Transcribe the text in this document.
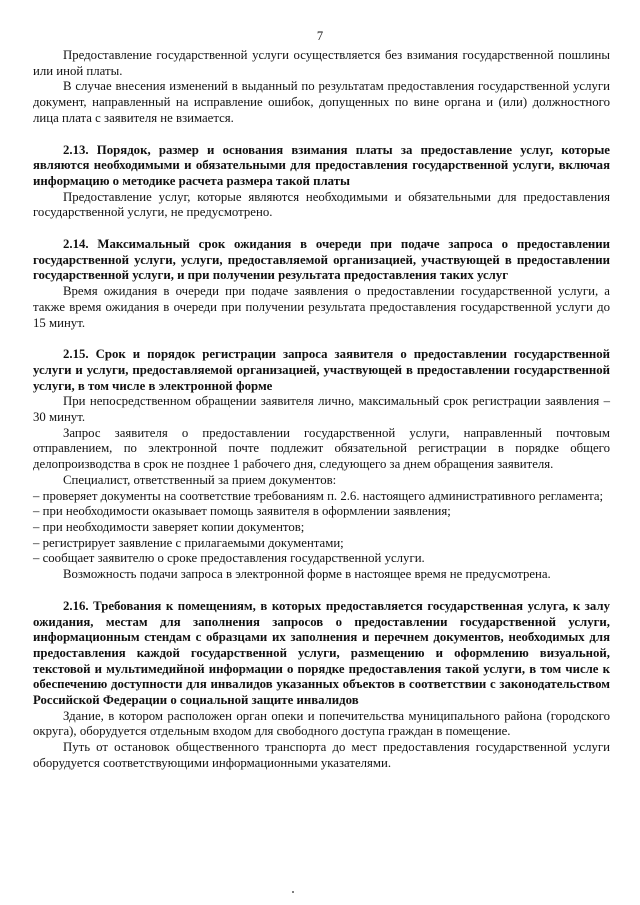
7

Предоставление государственной услуги осуществляется без взимания государственной пошлины или иной платы.

В случае внесения изменений в выданный по результатам предоставления государственной услуги документ, направленный на исправление ошибок, допущенных по вине органа и (или) должностного лица плата с заявителя не взимается.

2.13. Порядок, размер и основания взимания платы за предоставление услуг, которые являются необходимыми и обязательными для предоставления государственной услуги, включая информацию о методике расчета размера такой платы

Предоставление услуг, которые являются необходимыми и обязательными для предоставления государственной услуги, не предусмотрено.

2.14. Максимальный срок ожидания в очереди при подаче запроса о предоставлении государственной услуги, услуги, предоставляемой организацией, участвующей в предоставлении государственной услуги, и при получении результата предоставления таких услуг

Время ожидания в очереди при подаче заявления о предоставлении государственной услуги, а также время ожидания в очереди при получении результата предоставления государственной услуги до 15 минут.

2.15. Срок и порядок регистрации запроса заявителя о предоставлении государственной услуги и услуги, предоставляемой организацией, участвующей в предоставлении государственной услуги, в том числе в электронной форме

При непосредственном обращении заявителя лично, максимальный срок регистрации заявления – 30 минут.

Запрос заявителя о предоставлении государственной услуги, направленный почтовым отправлением, по электронной почте подлежит обязательной регистрации в порядке общего делопроизводства в срок не позднее 1 рабочего дня, следующего за днем обращения заявителя.

Специалист, ответственный за прием документов:

– проверяет документы на соответствие требованиям п. 2.6. настоящего административного регламента;

– при необходимости оказывает помощь заявителя в оформлении заявления;

– при необходимости заверяет копии документов;

– регистрирует заявление с прилагаемыми документами;

– сообщает заявителю о сроке предоставления государственной услуги.

Возможность подачи запроса в электронной форме в настоящее время не предусмотрена.

2.16. Требования к помещениям, в которых предоставляется государственная услуга, к залу ожидания, местам для заполнения запросов о предоставлении государственной услуги, информационным стендам с образцами их заполнения и перечнем документов, необходимых для предоставления каждой государственной услуги, размещению и оформлению визуальной, текстовой и мультимедийной информации о порядке предоставления такой услуги, в том числе к обеспечению доступности для инвалидов указанных объектов в соответствии с законодательством Российской Федерации о социальной защите инвалидов

Здание, в котором расположен орган опеки и попечительства муниципального района (городского округа), оборудуется отдельным входом для свободного доступа граждан в помещение.

Путь от остановок общественного транспорта до мест предоставления государственной услуги оборудуется соответствующими информационными указателями.
